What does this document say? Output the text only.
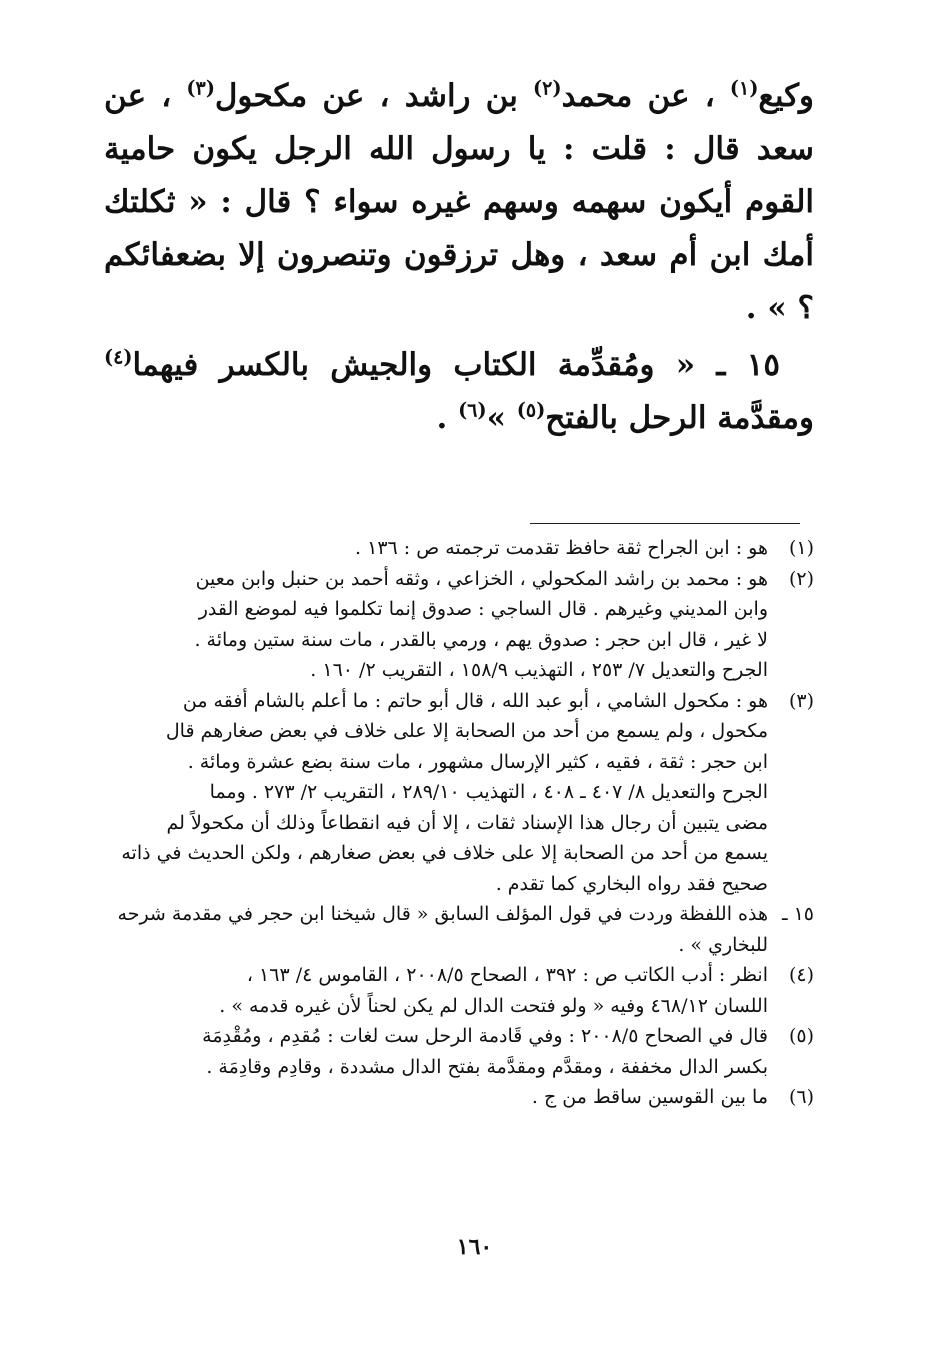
وكيع$^{(١)}$ ، عن محمد$^{(٢)}$ بن راشد ، عن مكحول$^{(٣)}$ ، عن سعد قال : قلت : يا رسول الله الرجل يكون حامية القوم أيكون سهمه وسهم غيره سواء ؟ قال : « ثكلتك أمك ابن أم سعد ، وهل ترزقون وتنصرون إلا بضعفائكم ؟ » .

١٥ ـ « ومُقدِّمة الكتاب والجيش بالكسر فيهما$^{(٤)}$ ومقدَّمة الرحل بالفتح$^{(٥)}$ »$^{(٦)}$ .

(١)
هو : ابن الجراح ثقة حافظ تقدمت ترجمته ص : ١٣٦ .
(٢)
هو : محمد بن راشد المكحولي ، الخزاعي ، وثقه أحمد بن حنبل وابن معين
وابن المديني وغيرهم . قال الساجي : صدوق إنما تكلموا فيه لموضع القدر
لا غير ، قال ابن حجر : صدوق يهم ، ورمي بالقدر ، مات سنة ستين ومائة .
الجرح والتعديل ٧/ ٢٥٣ ، التهذيب ١٥٨/٩ ، التقريب ٢/ ١٦٠ .
(٣)
هو : مكحول الشامي ، أبو عبد الله ، قال أبو حاتم : ما أعلم بالشام أفقه من
مكحول ، ولم يسمع من أحد من الصحابة إلا على خلاف في بعض صغارهم قال
ابن حجر : ثقة ، فقيه ، كثير الإرسال مشهور ، مات سنة بضع عشرة ومائة .
الجرح والتعديل ٨/ ٤٠٧ ـ ٤٠٨ ، التهذيب ٢٨٩/١٠ ، التقريب ٢/ ٢٧٣ . ومما
مضى يتبين أن رجال هذا الإسناد ثقات ، إلا أن فيه انقطاعاً وذلك أن مكحولاً لم
يسمع من أحد من الصحابة إلا على خلاف في بعض صغارهم ، ولكن الحديث في ذاته
صحيح فقد رواه البخاري كما تقدم .
١٥ ـ
هذه اللفظة وردت في قول المؤلف السابق « قال شيخنا ابن حجر في مقدمة شرحه
للبخاري » .
(٤)
انظر : أدب الكاتب ص : ٣٩٢ ، الصحاح ٢٠٠٨/٥ ، القاموس ٤/ ١٦٣ ،
اللسان ٤٦٨/١٢ وفيه « ولو فتحت الدال لم يكن لحناً لأن غيره قدمه » .
(٥)
قال في الصحاح ٢٠٠٨/٥ : وفي قَادمة الرحل ست لغات : مُقدِم ، ومُقْدِمَة
بكسر الدال مخففة ، ومقدَّم ومقدَّمة بفتح الدال مشددة ، وقادِم وقادِمَة .
(٦)
ما بين القوسين ساقط من ج .
١٦٠
